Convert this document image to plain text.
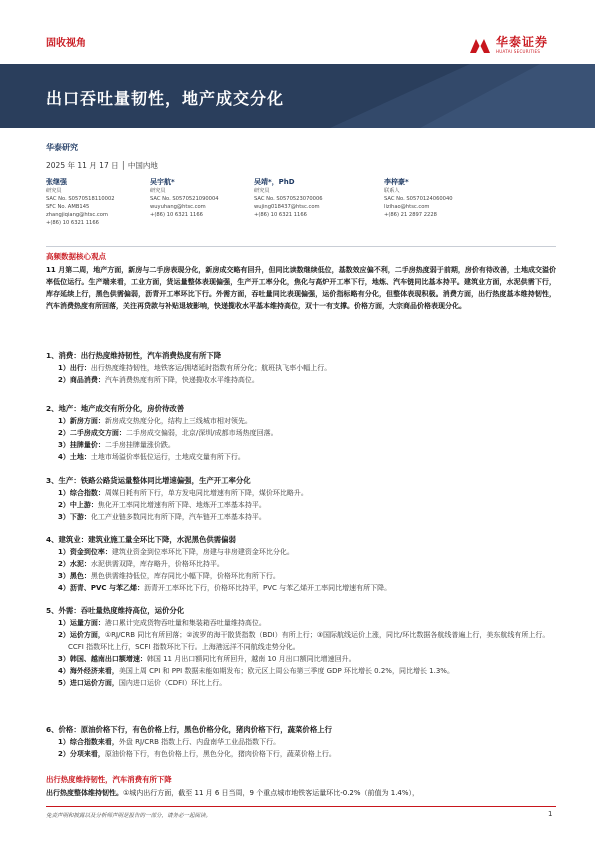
固收视角	华泰证券
HUATAI SECURITIES
出口吞吐量韧性，地产成交分化
华泰研究
2025 年 11 月 17 日 │ 中国内地
张继强
研究员
SAC No. S0570518110002
SFC No. AMB145
zhangjiqiang@htsc.com
+(86) 10 6321 1166
吴宇航*
研究员
SAC No. S0570521090004
wuyuhang@htsc.com
+(86) 10 6321 1166
吴靖*，PhD
研究员
SAC No. S0570523070006
wujing018437@htsc.com
+(86) 10 6321 1166
李梓豪*
联系人
SAC No. S0570124060040
lizihao@htsc.com
+(86) 21 2897 2228
高频数据核心观点
11 月第二周，地产方面，新房与二手房表现分化，新房成交略有回升，但同比读数继续低位，基数效应偏不利，二手房热度弱于前期，房价有待改善，土地成交溢价率低位运行。生产端来看，工业方面，货运量整体表现偏强，生产开工率分化，焦化与高炉开工率下行，地炼、汽车链同比基本持平。建筑业方面，水泥供需下行，库存延续上行，黑色供需偏弱，沥青开工率环比下行。外需方面，吞吐量同比表现偏强，运价指标略有分化，但整体表现积极。消费方面，出行热度基本维持韧性，汽车消费热度有所回落，关注再贷款与补贴退坡影响，快递揽收水平基本维持高位，双十一有支撑。价格方面，大宗商品价格表现分化。
1、消费：出行热度维持韧性，汽车消费热度有所下降
1）出行：出行热度维持韧性，地铁客运/拥堵延时指数有所分化；航班执飞率小幅上行。
2）商品消费：汽车消费热度有所下降，快递揽收水平维持高位。
2、地产：地产成交有所分化，房价待改善
1）新房方面：新房成交热度分化，结构上三线城市相对领先。
2）二手房成交方面：二手房成交偏弱，北京/深圳/成都市场热度回落。
3）挂牌量价：二手房挂牌量涨价跌。
4）土地：土地市场溢价率低位运行，土地成交量有所下行。
3、生产：铁路公路货运量整体同比增速偏强，生产开工率分化
1）综合指数：周媒日耗有所下行，单方发电同比增速有所下降，煤价环比略升。
2）中上游：焦化开工率同比增速有所下降、地炼开工率基本持平。
3）下游：化工产业链多数同比有所下降，汽车链开工率基本持平。
4、建筑业：建筑业施工量全环比下降，水泥黑色供需偏弱
1）资金到位率：建筑业资金到位率环比下降，房建与非房建资金环比分化。
2）水泥：水泥供需双降，库存略升，价格环比持平。
3）黑色：黑色供需维持低位，库存同比小幅下降，价格环比有所下行。
4）沥青、PVC 与苯乙烯：沥青开工率环比下行，价格环比持平，PVC 与苯乙烯开工率同比增速有所下降。
5、外需：吞吐量热度维持高位，运价分化
1）运量方面：港口累计完成货物吞吐量和集装箱吞吐量维持高位。
2）运价方面，①RJ/CRB 同比有所回落；②波罗的海干散货指数（BDI）有所上行；③国际航线运价上涨，同比/环比数据各航线普遍上行，美东航线有所上行。CCFI 指数环比上行，SCFI 指数环比下行。上海港远洋不同航线走势分化。
3）韩国、越南出口额增速：韩国 11 月出口额同比有所回升，越南 10 月出口额同比增速回升。
4）海外经济来看，美国上周 CPI 和 PPI 数据未能如期发布；欧元区上周公布第三季度 GDP 环比增长 0.2%，同比增长 1.3%。
5）进口运价方面，国内进口运价（CDFI）环比上行。
6、价格：原油价格下行，有色价格上行，黑色价格分化，猪肉价格下行，蔬菜价格上行
1）综合指数来看，外盘 RJ/CRB 指数上行、内盘南华工业品指数下行。
2）分项来看，原油价格下行，有色价格上行，黑色分化，猪肉价格下行，蔬菜价格上行。
出行热度维持韧性，汽车消费有所下降
出行热度整体维持韧性。①城内出行方面，截至 11 月 6 日当周，9 个重点城市地铁客运量环比-0.2%（前值为 1.4%），
免责声明和披露以及分析师声明是报告的一部分，请务必一起阅读。	1
